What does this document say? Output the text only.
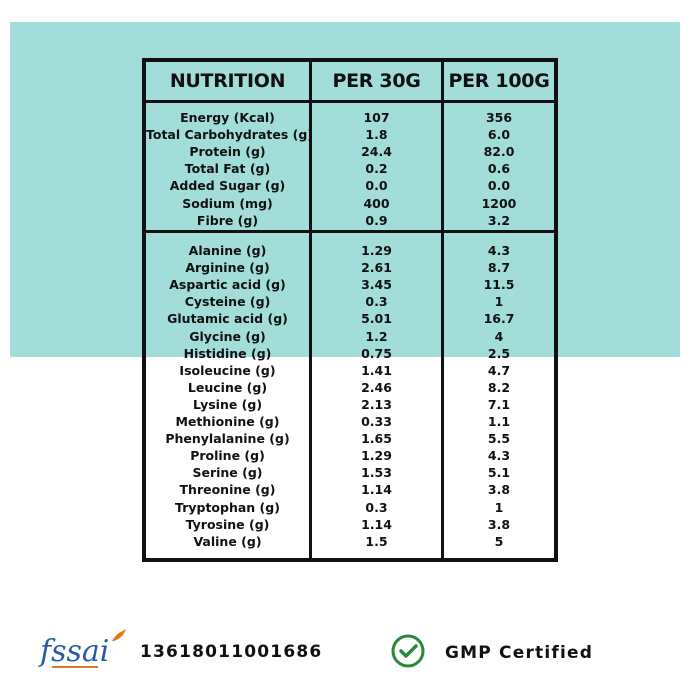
NUTRITION	PER 30G	PER 100G
Energy (Kcal)	107	356
Total Carbohydrates (g)	1.8	6.0
Protein (g)	24.4	82.0
Total Fat (g)	0.2	0.6
Added Sugar (g)	0.0	0.0
Sodium (mg)	400	1200
Fibre (g)	0.9	3.2
Alanine (g)	1.29	4.3
Arginine (g)	2.61	8.7
Aspartic acid (g)	3.45	11.5
Cysteine (g)	0.3	1
Glutamic acid (g)	5.01	16.7
Glycine (g)	1.2	4
Histidine (g)	0.75	2.5
Isoleucine (g)	1.41	4.7
Leucine (g)	2.46	8.2
Lysine (g)	2.13	7.1
Methionine (g)	0.33	1.1
Phenylalanine (g)	1.65	5.5
Proline (g)	1.29	4.3
Serine (g)	1.53	5.1
Threonine (g)	1.14	3.8
Tryptophan (g)	0.3	1
Tyrosine (g)	1.14	3.8
Valine (g)	1.5	5
fssai 13618011001686	GMP Certified
